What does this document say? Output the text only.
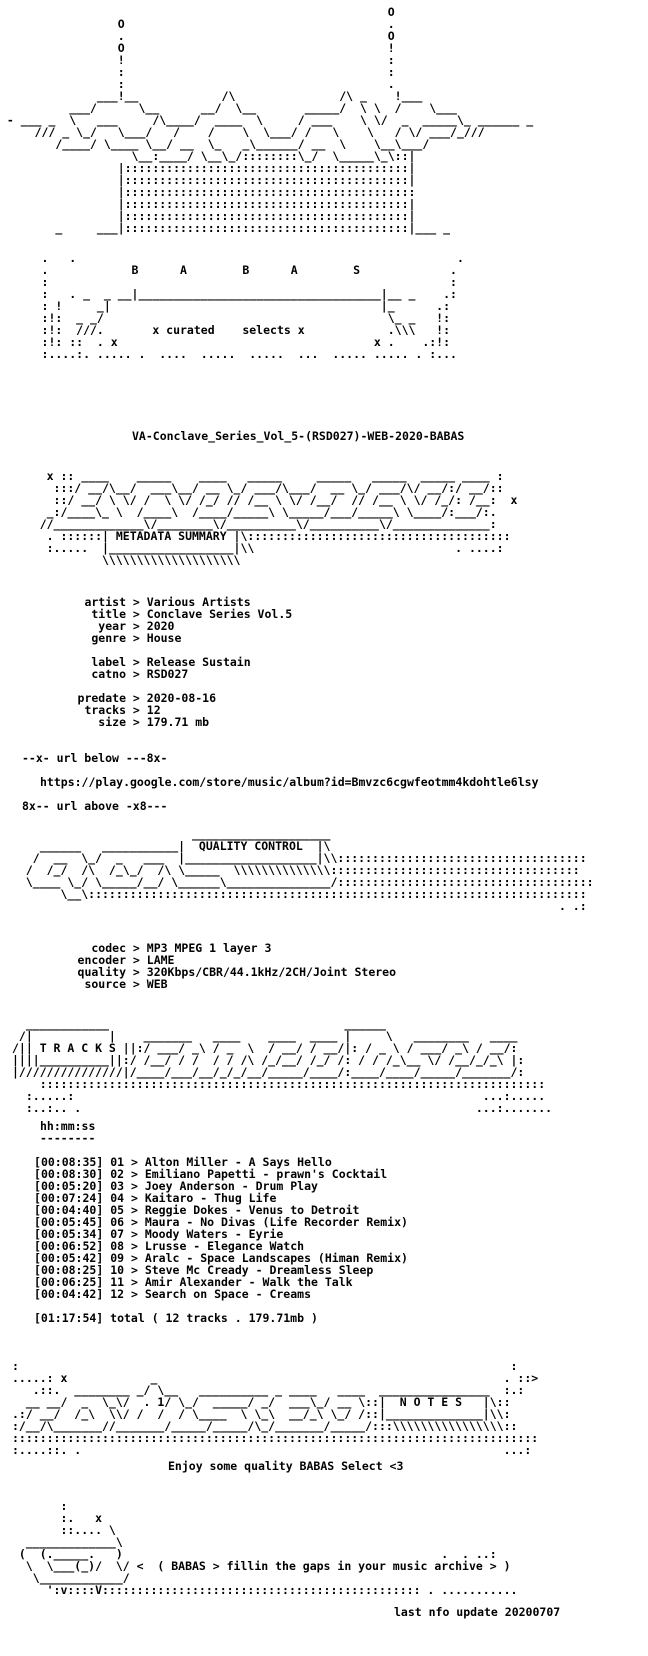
O
O                                      .
.                                      O
O                                      !
!                                      :
:                                      :
:                                      .
___!__            /\               /\ _    !___
___/      \__      __/  \__       _____/  \ \  /    \___
- ___ _  \   ___     /\____/  ____  \     / ___    \ \/  _  _____\_ ______ _
/// _ \_/   \___/   /    /    \  \___/ /   \    \   / \/ ___/_///
/____/ \____ \__/ __  \_   _\______/ __  \    \__\___/
\__:____/ \__\_/::::::::\_/  \_____\_\::|
|:::::::::::::::::::::::::::::::::::::::::|
|:::::::::::::::::::::::::::::::::::::::::|
|::::::::::::::::::::::::::::::::::::::::::
|:::::::::::::::::::::::::::::::::::::::::|
|:::::::::::::::::::::::::::::::::::::::::|
_     ___|:::::::::::::::::::::::::::::::::::::::::|___ _
.   .                                                       .
.            B      A        B      A        S             .
:                                                          :
:   . _  _ __|___________________________________|__ _    .:
: !     _|                                       |_      .:
:!:  _ _/                                         \_ _   !:
:!:  ///.       x curated    selects x            .\\\   !:
:!: ::  . x                                     x .    .:!:
:....:. ..... .  ....  .....  .....  ...  ..... ..... . :...
VA-Conclave_Series_Vol_5-(RSD027)-WEB-2020-BABAS
x :: ____    _____    ____   _____     _____   _____  _____ ____ :
:::/ __/\__/  ___\__/ __ \_/ ___/\___/  __ \_/ ___/\/ __/:/ __/::
::/ __/ \ \/ /  \ \/ /_/ // /__ \ \/ /__/  // /__ \ \/ /_/: /__:  x
_:/____\_ \  /____\  /____/_____\ \_____/___/_____\ \____/:___/:.
//_____________\/________\/__________\/__________\/______________:
. ::::::| METADATA SUMMARY |\::::::::::::::::::::::::::::::::::::::
:.....  |__________________|\\                             . ....:
\\\\\\\\\\\\\\\\\\\\
artist > Various Artists
title > Conclave Series Vol.5
year > 2020
genre > House
label > Release Sustain
catno > RSD027
predate > 2020-08-16
tracks > 12
size > 179.71 mb
--x- url below ---8x-
https://play.google.com/store/music/album?id=Bmvzc6cgwfeotmm4kdohtle6lsy
8x-- url above -x8---
____________________
______   ___________|  QUALITY CONTROL  |\
/  __  \_/  _   ___  |___________________|\\::::::::::::::::::::::::::::::::::::
/  /_/  /\  /_\_/  /\ \_____  \\\\\\\\\\\\\\::::::::::::::::::::::::::::::::::::
\____ \_/ \_____/__/ \______\_______________/:::::::::::::::::::::::::::::::::::::
\__\::::::::::::::::::::::::::::::::::::::::::::::::::::::::::::::::::::::::
. .:
codec > MP3 MPEG 1 layer 3
encoder > LAME
quality > 320Kbps/CBR/44.1kHz/2CH/Joint Stereo
source > WEB
____________                                  ______
/|           |    _______   ____    ____  ____ |     \   ________   ____
/|| T R A C K S ||:/ ___/ _\ / _  \  / __/ / __/|: / _ \ / ___/ _\ / __/:
||||__________||:/ /__/ / /  / / /\ /_/__/ /_/ /: / / /_\__ \/ /__/_/_\ |:
|///////////////|/____/___/__/_/_/__/_____/____/:____/____/_____/_______/:
:::::::::::::::::::::::::::::::::::::::::::::::::::::::::::::::::::::::::
:.....:                                                           ...:.....
:..:.. .                                                         ...:.......
hh:mm:ss
--------
[00:08:35] 01 > Alton Miller - A Says Hello
[00:08:30] 02 > Emiliano Papetti - prawn's Cocktail
[00:05:20] 03 > Joey Anderson - Drum Play
[00:07:24] 04 > Kaitaro - Thug Life
[00:04:40] 05 > Reggie Dokes - Venus to Detroit
[00:05:45] 06 > Maura - No Divas (Life Recorder Remix)
[00:05:34] 07 > Moody Waters - Eyrie
[00:06:52] 08 > Lrusse - Elegance Watch
[00:05:42] 09 > Aralc - Space Landscapes (Himan Remix)
[00:08:25] 10 > Steve Mc Cready - Dreamless Sleep
[00:06:25] 11 > Amir Alexander - Walk the Talk
[00:04:42] 12 > Search on Space - Creams
[01:17:54] total ( 12 tracks . 179.71mb )
:                                                                       :
.....: x            _                                                  . ::>
.::.  ________ _/ \__   __________ _ ____   ____  ________________  :.:
__ __/  _  \_\/  . 1/ \_/  _____/ _/  ___\_/ __ \::|  N O T E S   |\::
.:/ __/  /_\  \\/ /  /  / \____  \ \_\  __/_\ \_/ /::|______________|\\:
:/__/\_______//_______/_____/_____/\_/_______/_____/:::\\\\\\\\\\\\\\\\::
::::::::::::::::::::::::::::::::::::::::::::::::::::::::::::::::::::::::::::
:....::. .                                                             ...:
Enjoy some quality BABAS Select <3
:
:.   x
::.... \
_____________\
(  (._____.   )                                              .  . ..:
\  \___(_)/  \/ <  ( BABAS > fillin the gaps in your music archive > )
\____________/
':v::::V:::::::::::::::::::::::::::::::::::::::::::::: . ...........
last nfo update 20200707
